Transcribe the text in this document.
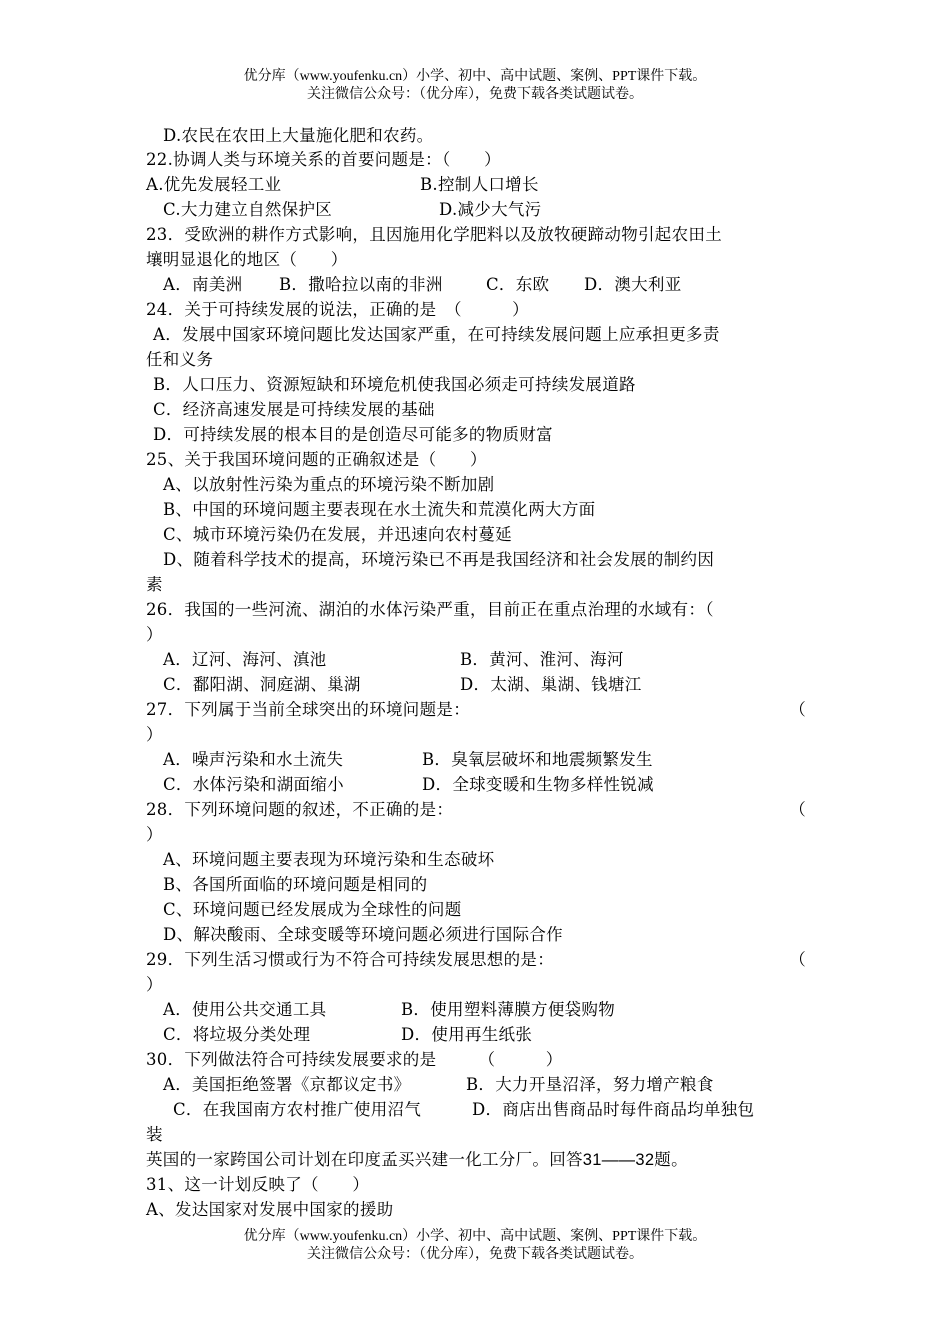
优分库（www.youfenku.cn）小学、初中、高中试题、案例、PPT课件下载。
关注微信公众号：（优分库），免费下载各类试题试卷。
D.农民在农田上大量施化肥和农药。
22.协调人类与环境关系的首要问题是：（　　）
A.优先发展轻工业	B.控制人口增长
C.大力建立自然保护区	D.减少大气污
23．受欧洲的耕作方式影响，且因施用化学肥料以及放牧硬蹄动物引起农田土
壤明显退化的地区（　　）
A．南美洲 B．撒哈拉以南的非洲	C．东欧 D．澳大利亚
24．关于可持续发展的说法，正确的是　（　　　）
A．发展中国家环境问题比发达国家严重，在可持续发展问题上应承担更多责
任和义务
B．人口压力、资源短缺和环境危机使我国必须走可持续发展道路
C．经济高速发展是可持续发展的基础
D．可持续发展的根本目的是创造尽可能多的物质财富
25、关于我国环境问题的正确叙述是（　　）
A、以放射性污染为重点的环境污染不断加剧
B、中国的环境问题主要表现在水土流失和荒漠化两大方面
C、城市环境污染仍在发展，并迅速向农村蔓延
D、随着科学技术的提高，环境污染已不再是我国经济和社会发展的制约因
素
26．我国的一些河流、湖泊的水体污染严重，目前正在重点治理的水域有：（
）
A．辽河、海河、滇池	B．黄河、淮河、海河
C．鄱阳湖、洞庭湖、巢湖	D．太湖、巢湖、钱塘江
27．下列属于当前全球突出的环境问题是：	（
）
A．噪声污染和水土流失	B．臭氧层破坏和地震频繁发生
C．水体污染和湖面缩小	D．全球变暖和生物多样性锐减
28．下列环境问题的叙述，不正确的是：	（
）
A、环境问题主要表现为环境污染和生态破坏
B、各国所面临的环境问题是相同的
C、环境问题已经发展成为全球性的问题
D、解决酸雨、全球变暖等环境问题必须进行国际合作
29．下列生活习惯或行为不符合可持续发展思想的是：	（
）
A．使用公共交通工具	B．使用塑料薄膜方便袋购物
C．将垃圾分类处理	D．使用再生纸张
30．下列做法符合可持续发展要求的是　　　（　　　）
A．美国拒绝签署《京都议定书》	B．大力开垦沼泽，努力增产粮食
C．在我国南方农村推广使用沼气	D．商店出售商品时每件商品均单独包
装
英国的一家跨国公司计划在印度孟买兴建一化工分厂。回答31——32题。
31、这一计划反映了（　　）
A、发达国家对发展中国家的援助
优分库（www.youfenku.cn）小学、初中、高中试题、案例、PPT课件下载。
关注微信公众号：（优分库），免费下载各类试题试卷。
